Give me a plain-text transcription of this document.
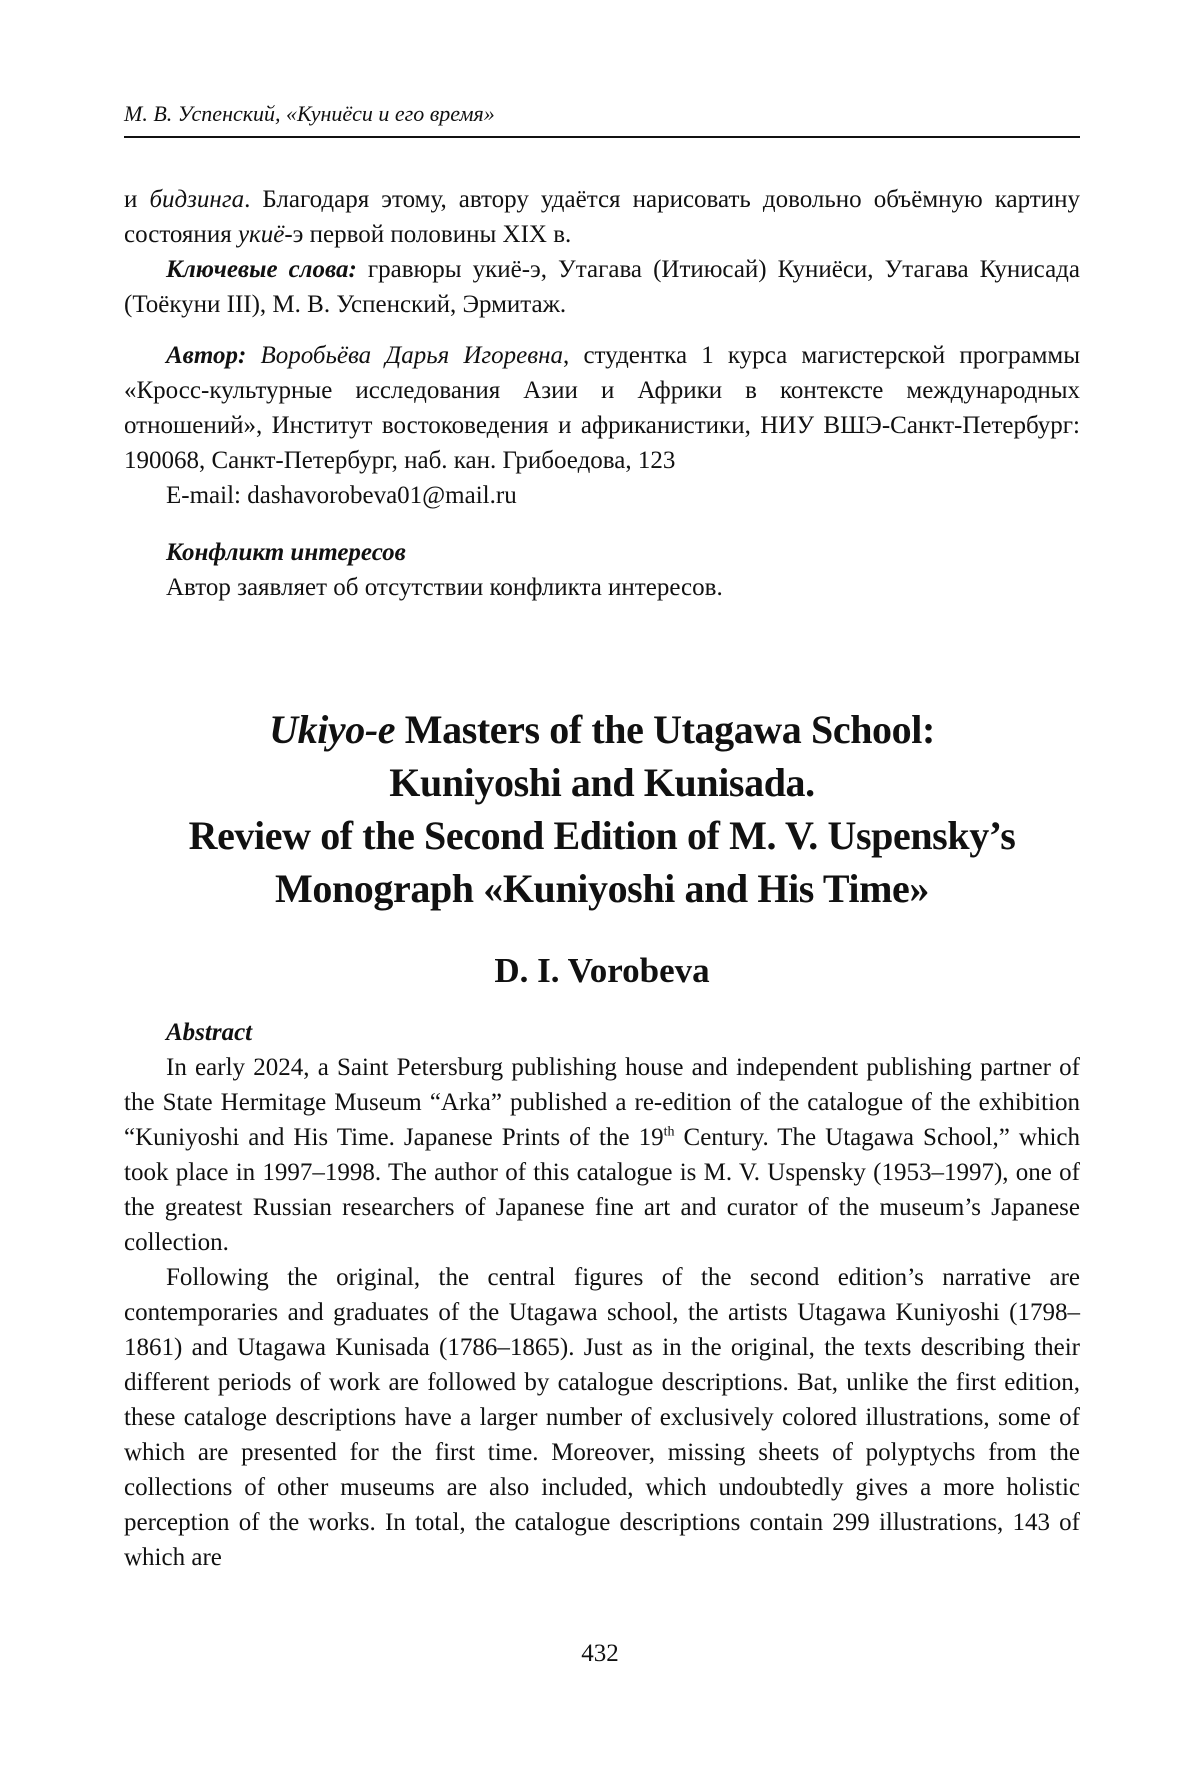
М. В. Успенский, «Куниёси и его время»

и бидзинга. Благодаря этому, автору удаётся нарисовать довольно объёмную картину состояния укиё-э первой половины XIX в.

Ключевые слова: гравюры укиё-э, Утагава (Итиюсай) Куниёси, Утагава Кунисада (Тоёкуни III), М. В. Успенский, Эрмитаж.

Автор: Воробьёва Дарья Игоревна, студентка 1 курса магистерской программы «Кросс-культурные исследования Азии и Африки в контексте международных отношений», Институт востоковедения и африканистики, НИУ ВШЭ-Санкт-Петербург: 190068, Санкт-Петербург, наб. кан. Грибоедова, 123

E-mail: dashavorobeva01@mail.ru

Конфликт интересов

Автор заявляет об отсутствии конфликта интересов.

Ukiyo-e Masters of the Utagawa School:
Kuniyoshi and Kunisada.
Review of the Second Edition of M. V. Uspensky’s
Monograph «Kuniyoshi and His Time»
D. I. Vorobeva
Abstract

In early 2024, a Saint Petersburg publishing house and independent publishing partner of the State Hermitage Museum “Arka” published a re-edition of the catalogue of the exhibition “Kuniyoshi and His Time. Japanese Prints of the 19th Century. The Utagawa School,” which took place in 1997–1998. The author of this catalogue is M. V. Uspensky (1953–1997), one of the greatest Russian researchers of Japanese fine art and curator of the museum’s Japanese collection.

Following the original, the central figures of the second edition’s narrative are contemporaries and graduates of the Utagawa school, the artists Utagawa Kuniyoshi (1798–1861) and Utagawa Kunisada (1786–1865). Just as in the original, the texts describing their different periods of work are followed by catalogue descriptions. Bat, unlike the first edition, these cataloge descriptions have a larger number of exclusively colored illustrations, some of which are presented for the first time. Moreover, missing sheets of polyptychs from the collections of other museums are also included, which undoubtedly gives a more holistic perception of the works. In total, the catalogue descriptions contain 299 illustrations, 143 of which are

432
